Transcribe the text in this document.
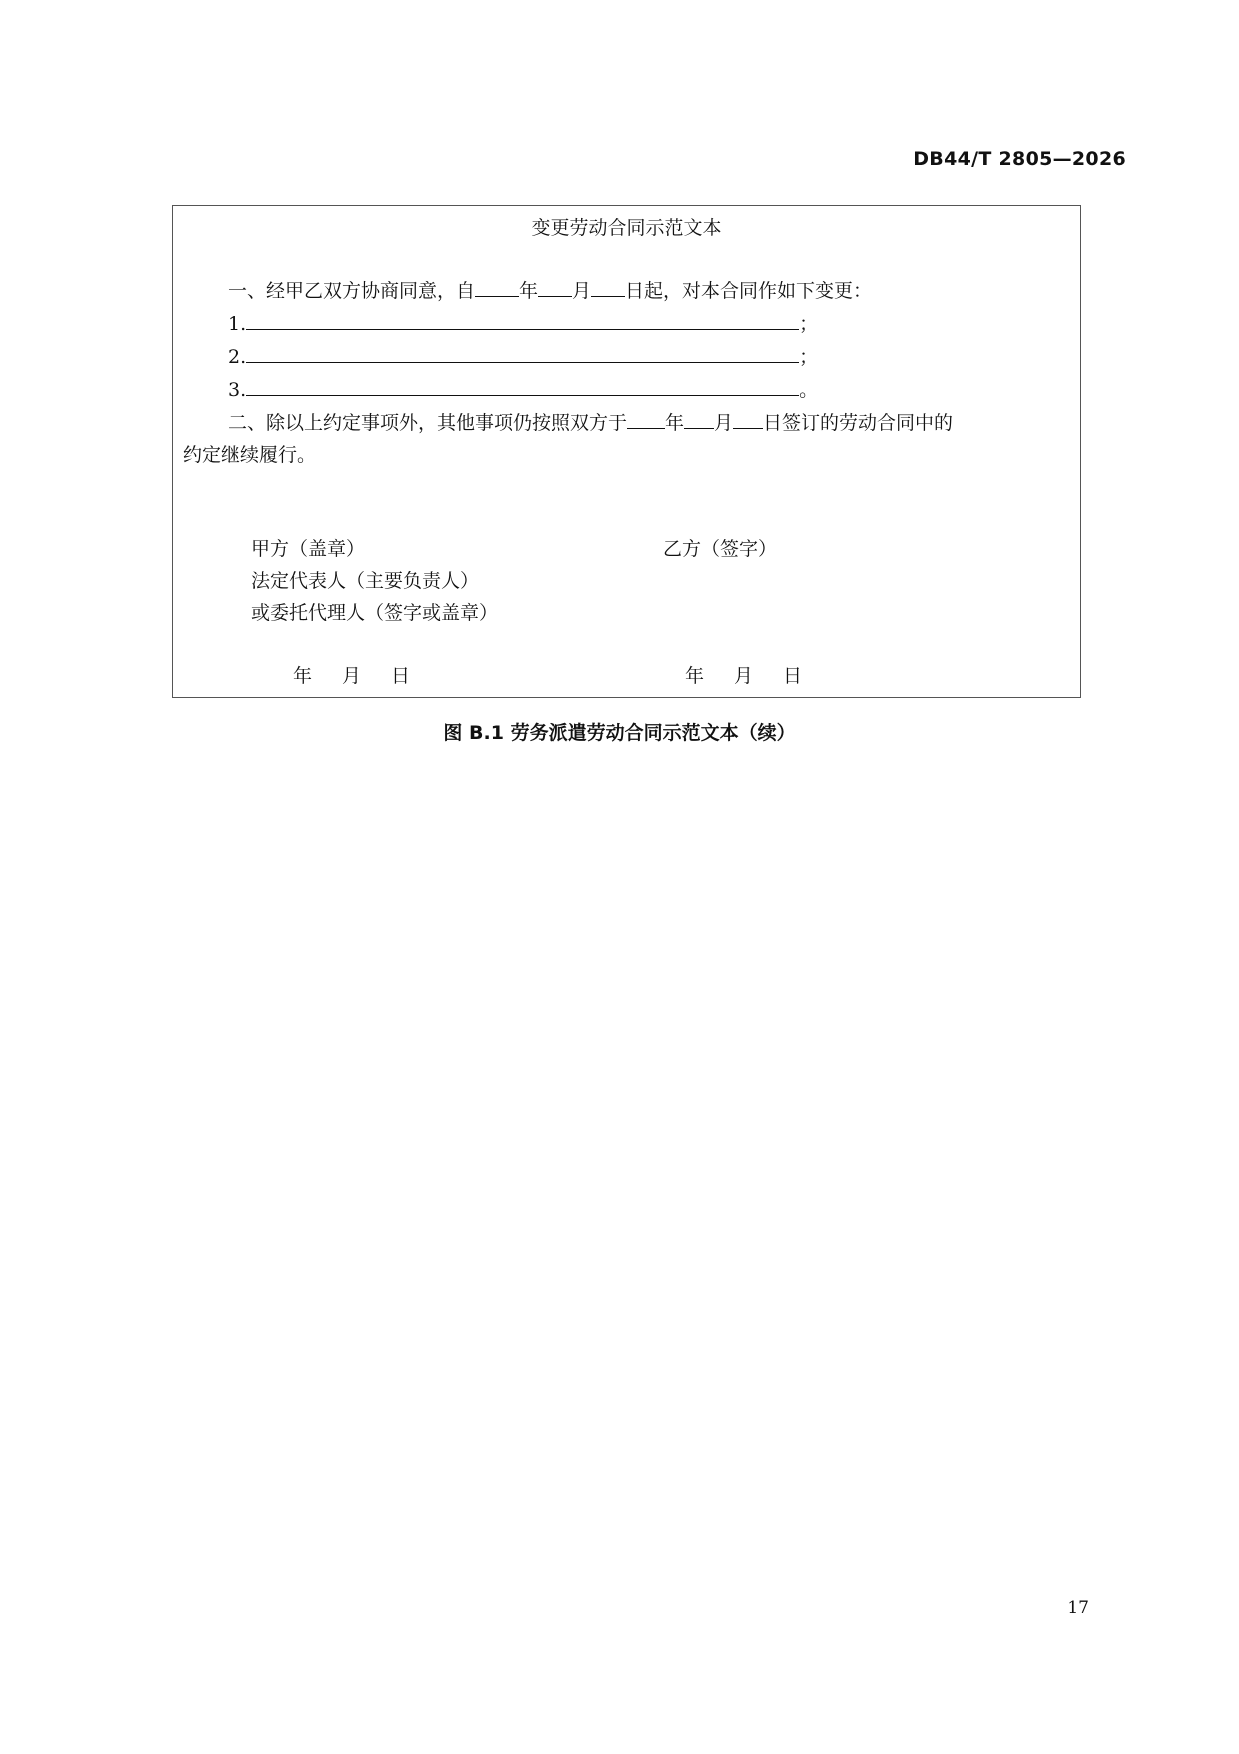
DB44/T 2805—2026
变更劳动合同示范文本
一、经甲乙双方协商同意，自 年 月 日起，对本合同作如下变更：
1.	；
2.	；
3.	。
二、除以上约定事项外，其他事项仍按照双方于 年 月 日签订的劳动合同中的
约定继续履行。
甲方（盖章）
法定代表人（主要负责人）
或委托代理人（签字或盖章）
乙方（签字）
年 月 日	年 月 日
图 B.1 劳务派遣劳动合同示范文本（续）
17
